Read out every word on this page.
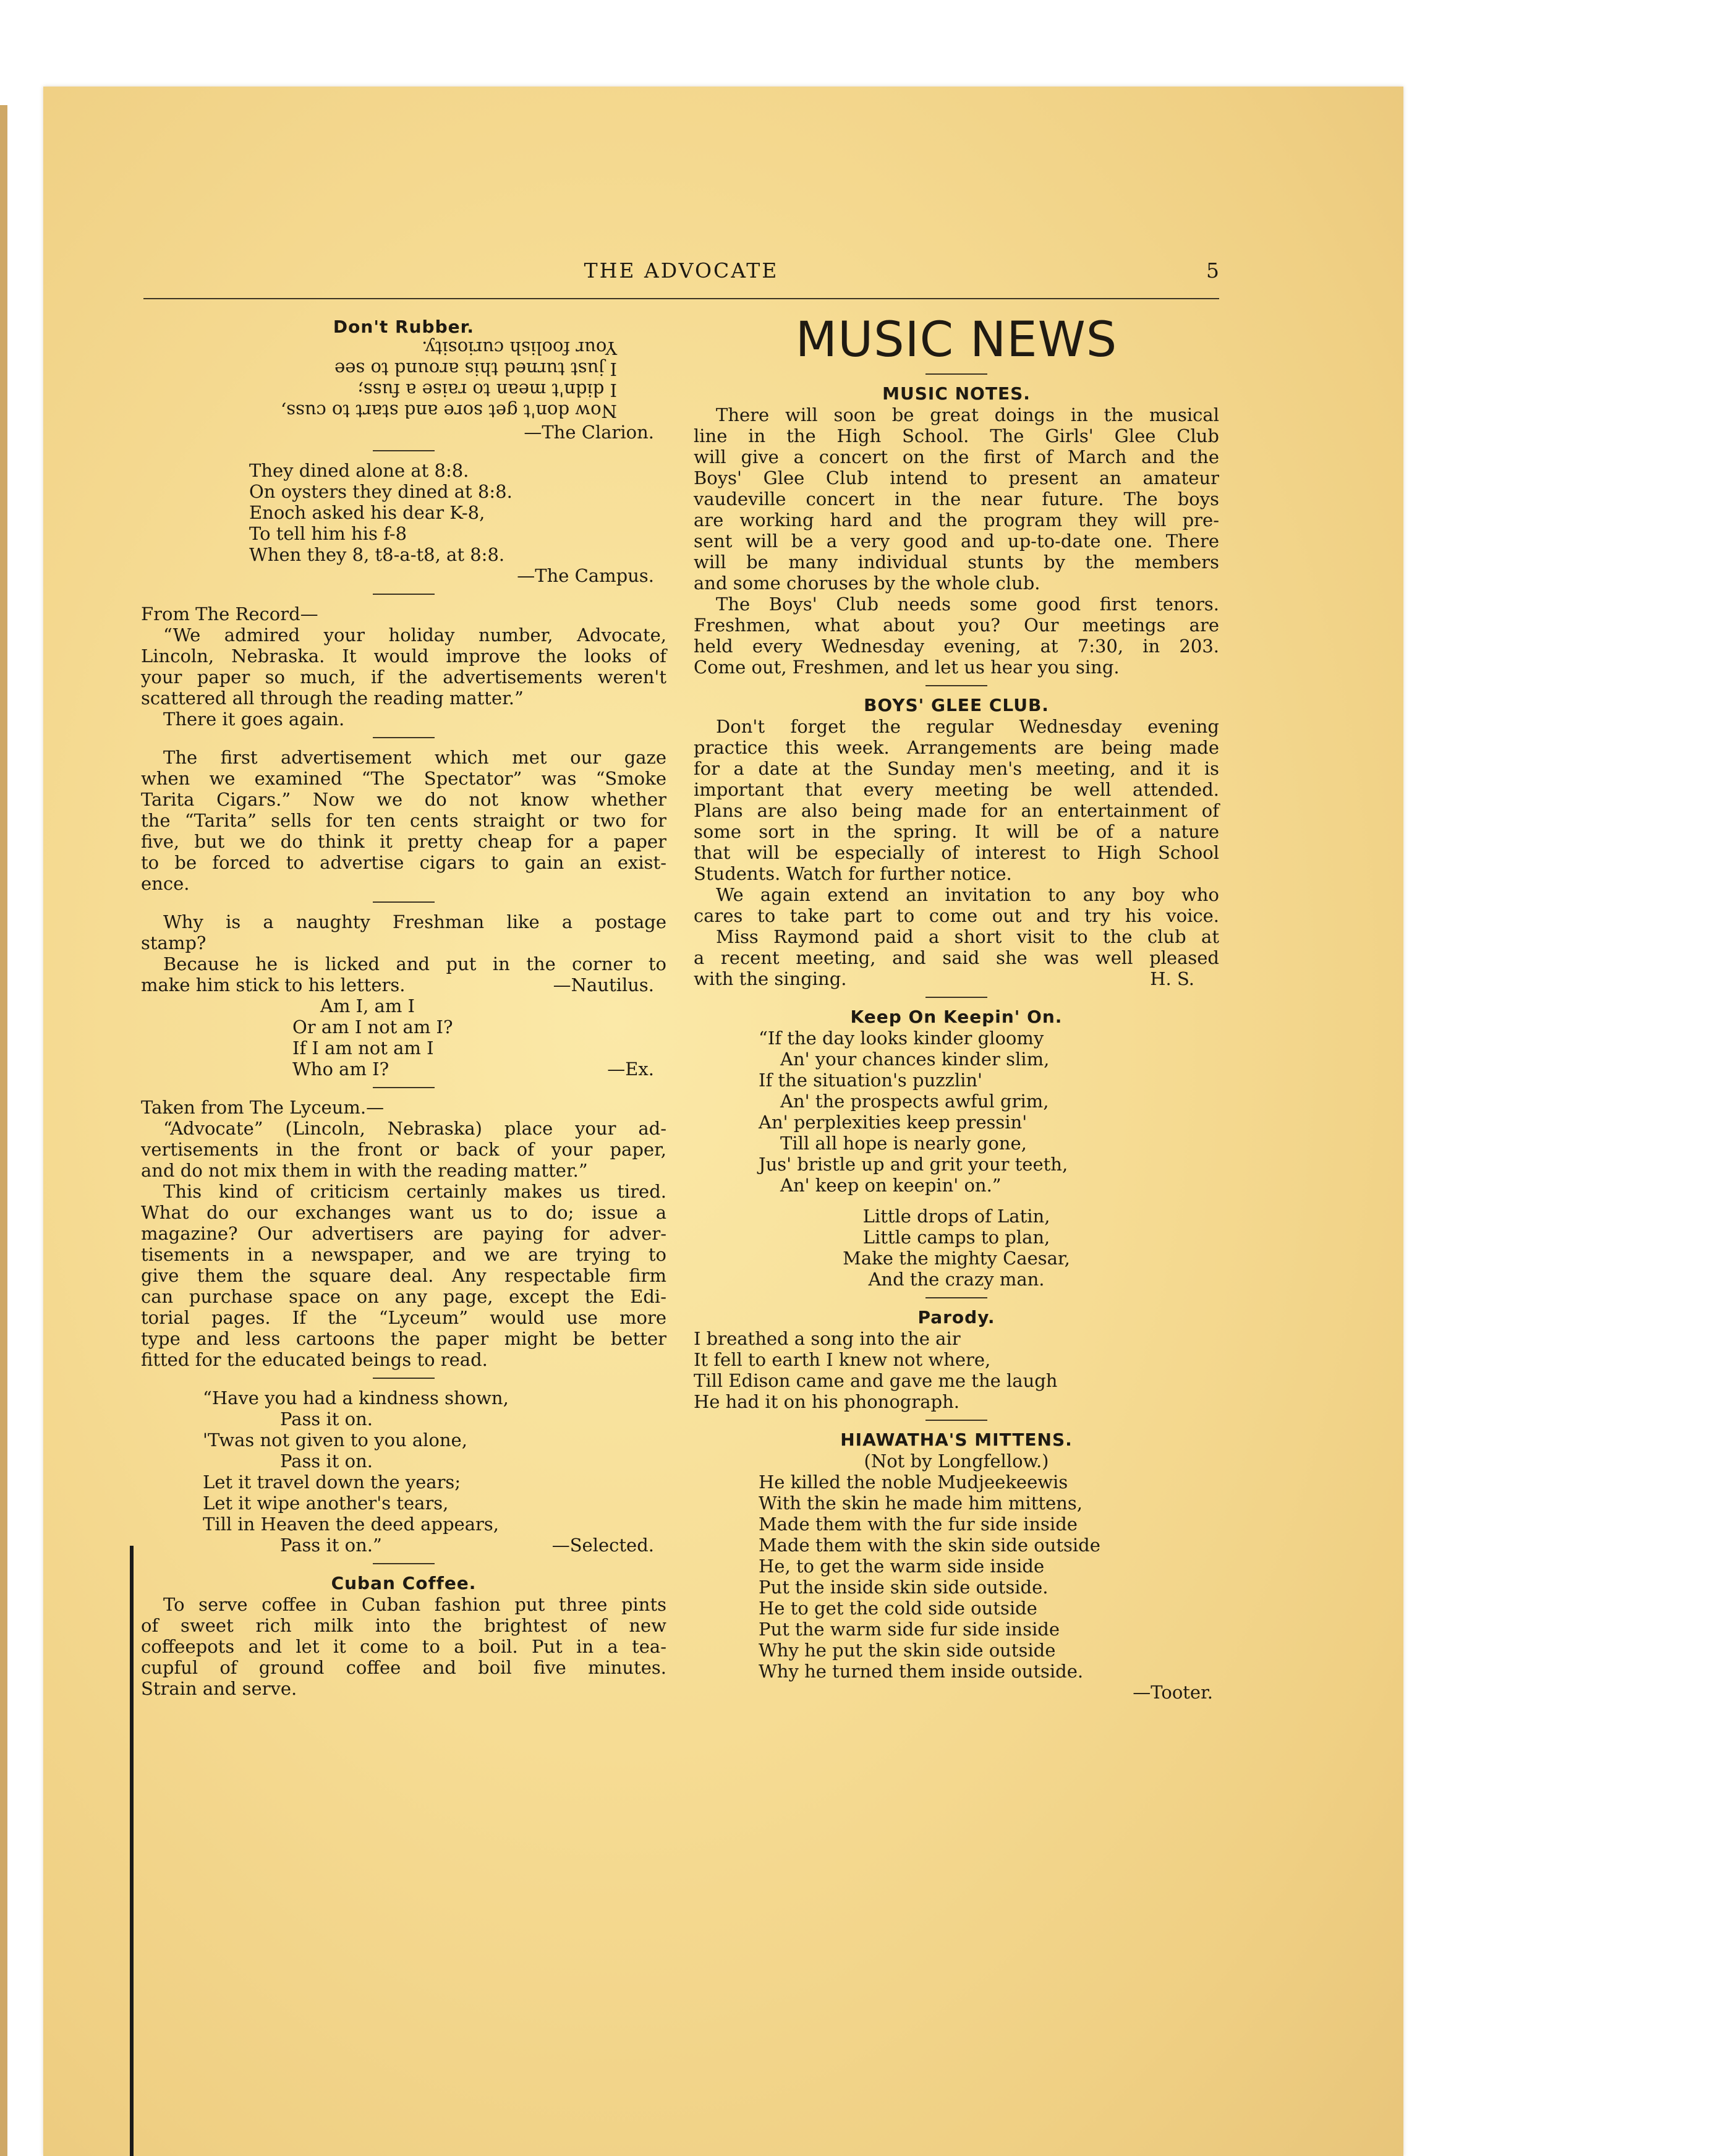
THE ADVOCATE	5

Don't Rubber.

Now don't get sore and start to cuss,

I didn't mean to raise a fuss;

I just turned this around to see

Your foolish curiosity.

—The Clarion.

They dined alone at 8:8.

On oysters they dined at 8:8.

Enoch asked his dear K-8,

To tell him his f-8

When they 8, t8-a-t8, at 8:8.

—The Campus.

From The Record—

“We admired your holiday number, Advocate,

Lincoln, Nebraska. It would improve the looks of

your paper so much, if the advertisements weren't

scattered all through the reading matter.”

There it goes again.

The first advertisement which met our gaze

when we examined “The Spectator” was “Smoke

Tarita Cigars.” Now we do not know whether

the “Tarita” sells for ten cents straight or two for

five, but we do think it pretty cheap for a paper

to be forced to advertise cigars to gain an exist-

ence.

Why is a naughty Freshman like a postage

stamp?

Because he is licked and put in the corner to

make him stick to his letters.	—Nautilus.

Am I, am I

Or am I not am I?

If I am not am I

Who am I?	—Ex.

Taken from The Lyceum.—

“Advocate” (Lincoln, Nebraska) place your ad-

vertisements in the front or back of your paper,

and do not mix them in with the reading matter.”

This kind of criticism certainly makes us tired.

What do our exchanges want us to do; issue a

magazine? Our advertisers are paying for adver-

tisements in a newspaper, and we are trying to

give them the square deal. Any respectable firm

can purchase space on any page, except the Edi-

torial pages. If the “Lyceum” would use more

type and less cartoons the paper might be better

fitted for the educated beings to read.

“Have you had a kindness shown,

Pass it on.

'Twas not given to you alone,

Pass it on.

Let it travel down the years;

Let it wipe another's tears,

Till in Heaven the deed appears,

Pass it on.”	—Selected.

Cuban Coffee.

To serve coffee in Cuban fashion put three pints

of sweet rich milk into the brightest of new

coffeepots and let it come to a boil. Put in a tea-

cupful of ground coffee and boil five minutes.

Strain and serve.

MUSIC NEWS

MUSIC NOTES.

There will soon be great doings in the musical

line in the High School. The Girls' Glee Club

will give a concert on the first of March and the

Boys' Glee Club intend to present an amateur

vaudeville concert in the near future. The boys

are working hard and the program they will pre-

sent will be a very good and up-to-date one. There

will be many individual stunts by the members

and some choruses by the whole club.

The Boys' Club needs some good first tenors.

Freshmen, what about you? Our meetings are

held every Wednesday evening, at 7:30, in 203.

Come out, Freshmen, and let us hear you sing.

BOYS' GLEE CLUB.

Don't forget the regular Wednesday evening

practice this week. Arrangements are being made

for a date at the Sunday men's meeting, and it is

important that every meeting be well attended.

Plans are also being made for an entertainment of

some sort in the spring. It will be of a nature

that will be especially of interest to High School

Students. Watch for further notice.

We again extend an invitation to any boy who

cares to take part to come out and try his voice.

Miss Raymond paid a short visit to the club at

a recent meeting, and said she was well pleased

with the singing.	H. S.

Keep On Keepin' On.

“If the day looks kinder gloomy

An' your chances kinder slim,

If the situation's puzzlin'

An' the prospects awful grim,

An' perplexities keep pressin'

Till all hope is nearly gone,

Jus' bristle up and grit your teeth,

An' keep on keepin' on.”

Little drops of Latin,

Little camps to plan,

Make the mighty Caesar,

And the crazy man.

Parody.

I breathed a song into the air

It fell to earth I knew not where,

Till Edison came and gave me the laugh

He had it on his phonograph.

HIAWATHA'S MITTENS.

(Not by Longfellow.)

He killed the noble Mudjeekeewis

With the skin he made him mittens,

Made them with the fur side inside

Made them with the skin side outside

He, to get the warm side inside

Put the inside skin side outside.

He to get the cold side outside

Put the warm side fur side inside

Why he put the skin side outside

Why he turned them inside outside.

—Tooter.
